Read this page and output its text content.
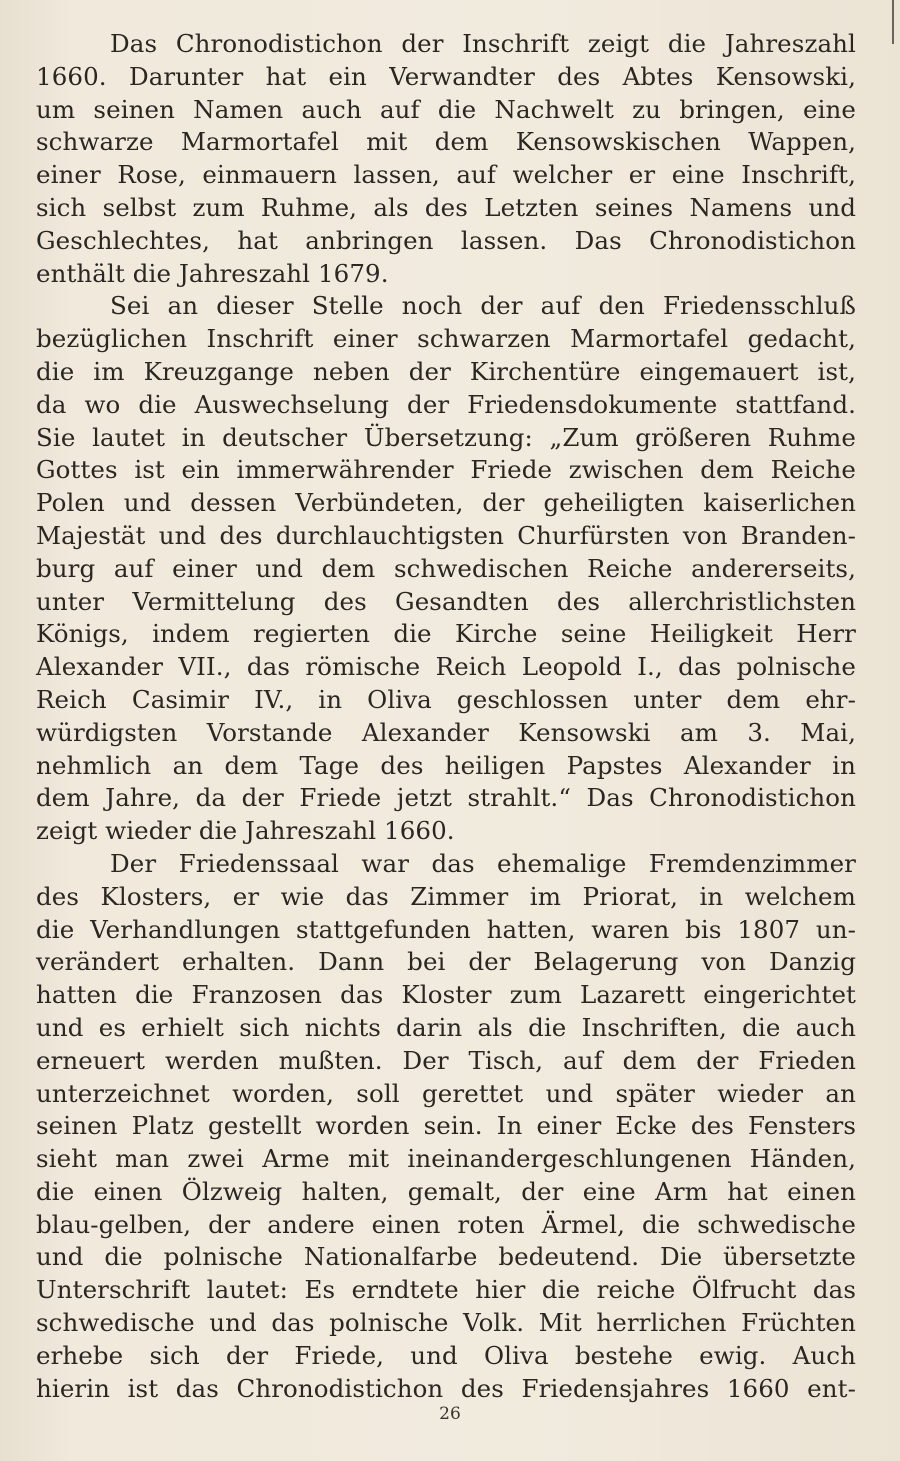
Das Chronodistichon der Inschrift zeigt die Jahreszahl
1660. Darunter hat ein Verwandter des Abtes Kensowski,
um seinen Namen auch auf die Nachwelt zu bringen, eine
schwarze Marmortafel mit dem Kensowskischen Wappen,
einer Rose, einmauern lassen, auf welcher er eine Inschrift,
sich selbst zum Ruhme, als des Letzten seines Namens und
Geschlechtes, hat anbringen lassen. Das Chronodistichon
enthält die Jahreszahl 1679.
Sei an dieser Stelle noch der auf den Friedensschluß
bezüglichen Inschrift einer schwarzen Marmortafel gedacht,
die im Kreuzgange neben der Kirchentüre eingemauert ist,
da wo die Auswechselung der Friedensdokumente stattfand.
Sie lautet in deutscher Übersetzung: „Zum größeren Ruhme
Gottes ist ein immerwährender Friede zwischen dem Reiche
Polen und dessen Verbündeten, der geheiligten kaiserlichen
Majestät und des durchlauchtigsten Churfürsten von Branden-
burg auf einer und dem schwedischen Reiche andererseits,
unter Vermittelung des Gesandten des allerchristlichsten
Königs, indem regierten die Kirche seine Heiligkeit Herr
Alexander VII., das römische Reich Leopold I., das polnische
Reich Casimir IV., in Oliva geschlossen unter dem ehr-
würdigsten Vorstande Alexander Kensowski am 3. Mai,
nehmlich an dem Tage des heiligen Papstes Alexander in
dem Jahre, da der Friede jetzt strahlt.“ Das Chronodistichon
zeigt wieder die Jahreszahl 1660.
Der Friedenssaal war das ehemalige Fremdenzimmer
des Klosters, er wie das Zimmer im Priorat, in welchem
die Verhandlungen stattgefunden hatten, waren bis 1807 un-
verändert erhalten. Dann bei der Belagerung von Danzig
hatten die Franzosen das Kloster zum Lazarett eingerichtet
und es erhielt sich nichts darin als die Inschriften, die auch
erneuert werden mußten. Der Tisch, auf dem der Frieden
unterzeichnet worden, soll gerettet und später wieder an
seinen Platz gestellt worden sein. In einer Ecke des Fensters
sieht man zwei Arme mit ineinandergeschlungenen Händen,
die einen Ölzweig halten, gemalt, der eine Arm hat einen
blau-gelben, der andere einen roten Ärmel, die schwedische
und die polnische Nationalfarbe bedeutend. Die übersetzte
Unterschrift lautet: Es erndtete hier die reiche Ölfrucht das
schwedische und das polnische Volk. Mit herrlichen Früchten
erhebe sich der Friede, und Oliva bestehe ewig. Auch
hierin ist das Chronodistichon des Friedensjahres 1660 ent-
26
